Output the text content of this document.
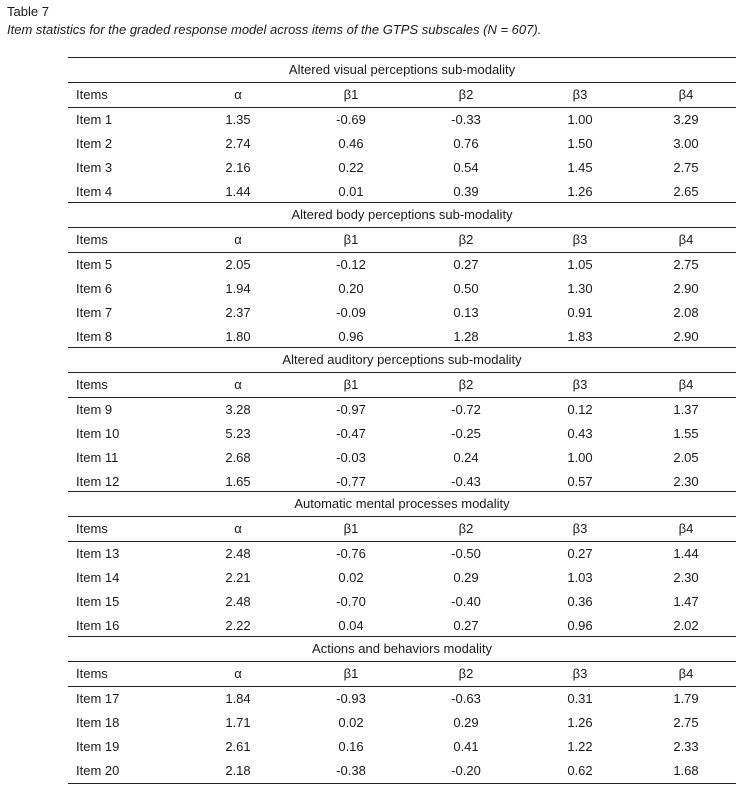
Table 7
Item statistics for the graded response model across items of the GTPS subscales (N = 607).
Altered visual perceptions sub-modality
Items	α	β1	β2	β3	β4
Item 1	1.35	-0.69	-0.33	1.00	3.29
Item 2	2.74	0.46	0.76	1.50	3.00
Item 3	2.16	0.22	0.54	1.45	2.75
Item 4	1.44	0.01	0.39	1.26	2.65
Altered body perceptions sub-modality
Items	α	β1	β2	β3	β4
Item 5	2.05	-0.12	0.27	1.05	2.75
Item 6	1.94	0.20	0.50	1.30	2.90
Item 7	2.37	-0.09	0.13	0.91	2.08
Item 8	1.80	0.96	1.28	1.83	2.90
Altered auditory perceptions sub-modality
Items	α	β1	β2	β3	β4
Item 9	3.28	-0.97	-0.72	0.12	1.37
Item 10	5.23	-0.47	-0.25	0.43	1.55
Item 11	2.68	-0.03	0.24	1.00	2.05
Item 12	1.65	-0.77	-0.43	0.57	2.30
Automatic mental processes modality
Items	α	β1	β2	β3	β4
Item 13	2.48	-0.76	-0.50	0.27	1.44
Item 14	2.21	0.02	0.29	1.03	2.30
Item 15	2.48	-0.70	-0.40	0.36	1.47
Item 16	2.22	0.04	0.27	0.96	2.02
Actions and behaviors modality
Items	α	β1	β2	β3	β4
Item 17	1.84	-0.93	-0.63	0.31	1.79
Item 18	1.71	0.02	0.29	1.26	2.75
Item 19	2.61	0.16	0.41	1.22	2.33
Item 20	2.18	-0.38	-0.20	0.62	1.68
